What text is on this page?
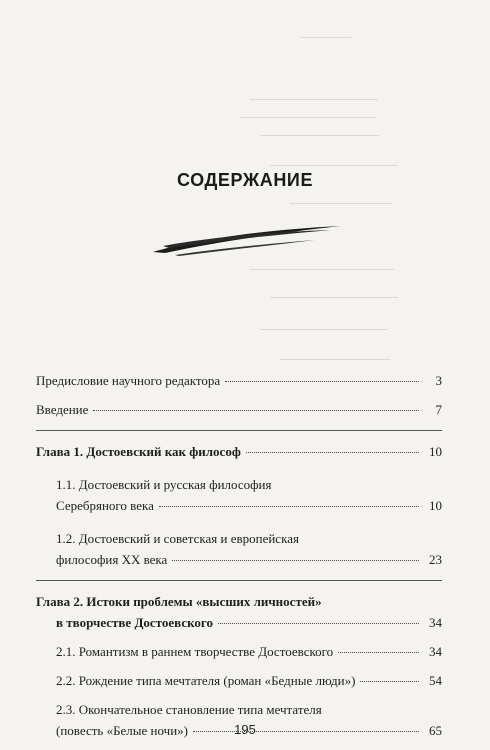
──────
───────────────
────────────────
──────────────
───────────────
────────────
─────────────────
───────────────
───────────────
─────────────
СОДЕРЖАНИЕ
Предисловие научного редактора	3
Введение	7
Глава 1. Достоевский как философ	10
1.1. Достоевский и русская философия
Серебряного века	10
1.2. Достоевский и советская и европейская
философия XX века	23
Глава 2. Истоки проблемы «высших личностей»
в творчестве Достоевского	34
2.1. Романтизм в раннем творчестве Достоевского	34
2.2. Рождение типа мечтателя (роман «Бедные люди»)	54
2.3. Окончательное становление типа мечтателя
(повесть «Белые ночи»)	65
195
